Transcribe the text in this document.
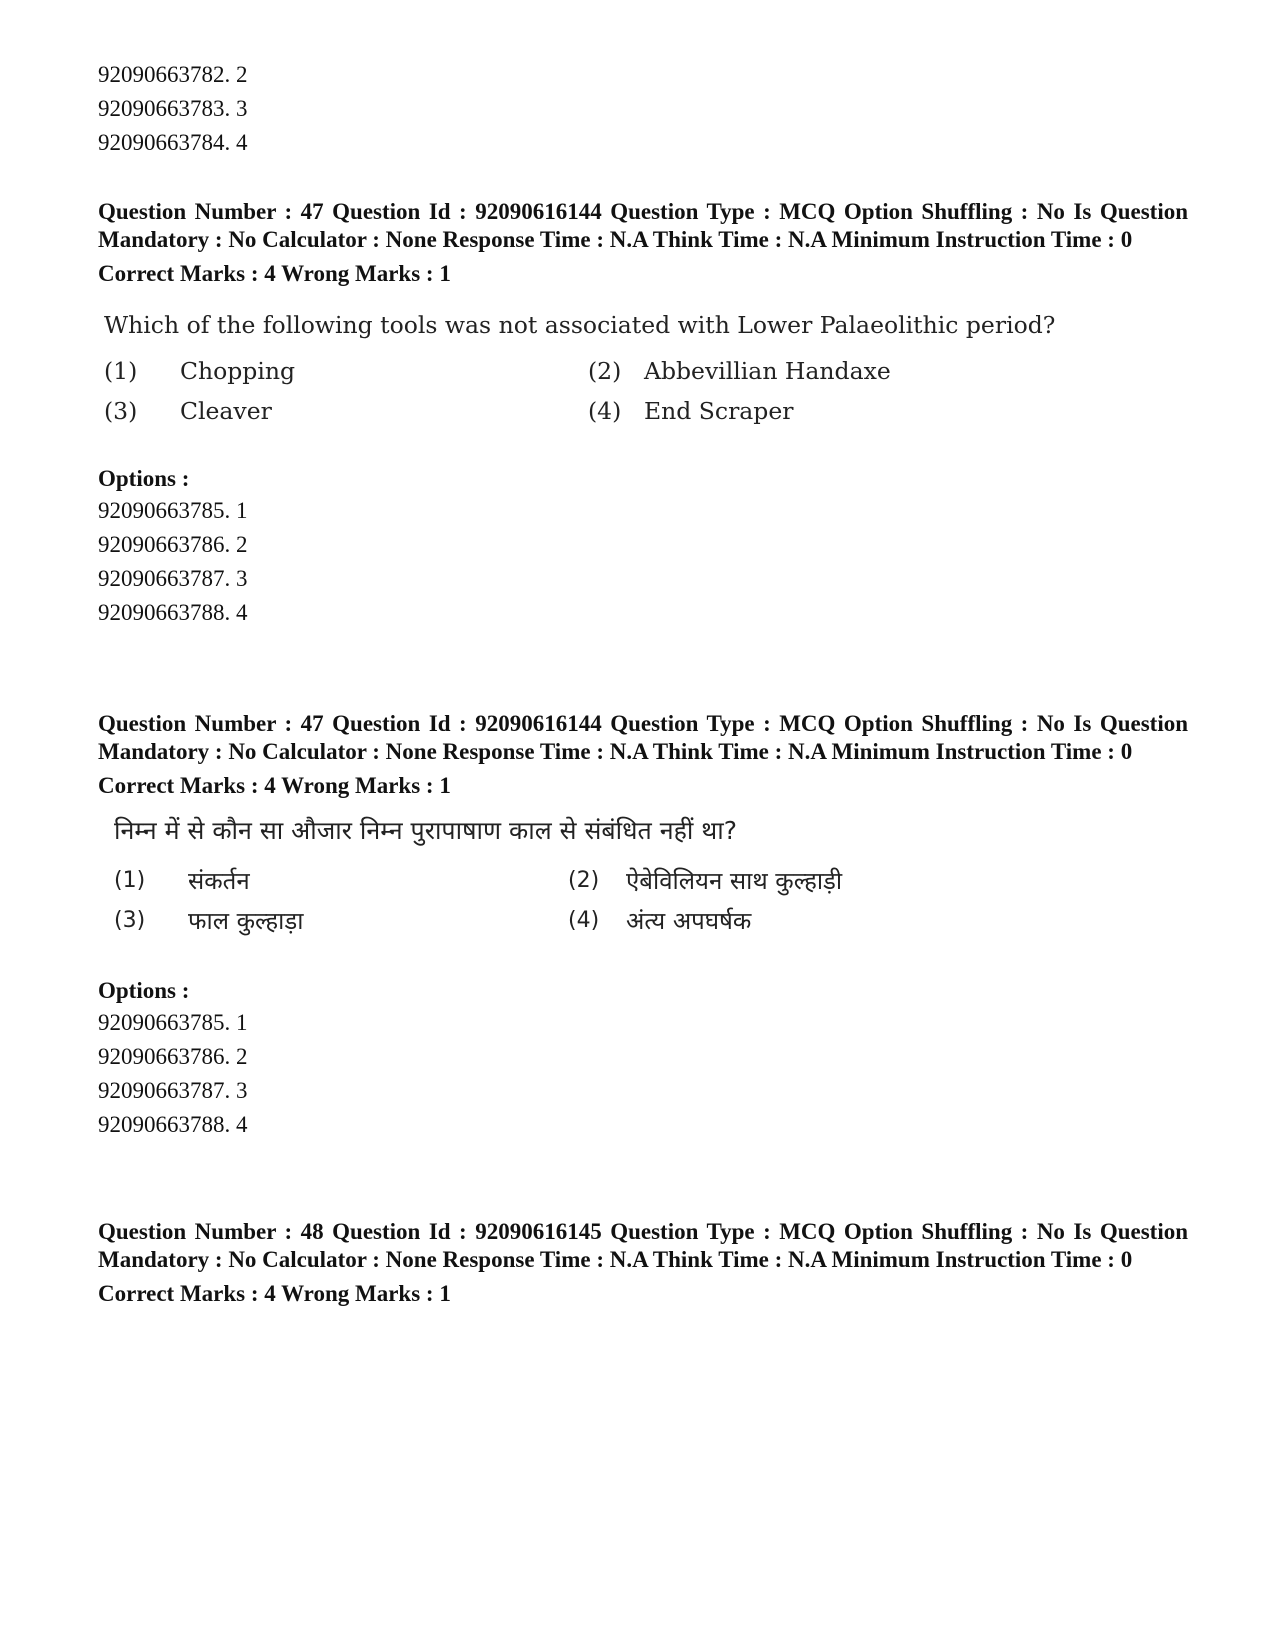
92090663782. 2
92090663783. 3
92090663784. 4
Question Number : 47 Question Id : 92090616144 Question Type : MCQ Option Shuffling : No Is Question Mandatory : No Calculator : None Response Time : N.A Think Time : N.A Minimum Instruction Time : 0
Correct Marks : 4 Wrong Marks : 1
Which of the following tools was not associated with Lower Palaeolithic period?
(1)	Chopping	(2) Abbevillian Handaxe
(3)	Cleaver	(4) End Scraper
Options :
92090663785. 1
92090663786. 2
92090663787. 3
92090663788. 4
Question Number : 47 Question Id : 92090616144 Question Type : MCQ Option Shuffling : No Is Question Mandatory : No Calculator : None Response Time : N.A Think Time : N.A Minimum Instruction Time : 0
Correct Marks : 4 Wrong Marks : 1
निम्न में से कौन सा औजार निम्न पुरापाषाण काल से संबंधित नहीं था?
(1)	संकर्तन	(2)	ऐबेविलियन साथ कुल्हाड़ी
(3)	फाल कुल्हाड़ा	(4)	अंत्य अपघर्षक
Options :
92090663785. 1
92090663786. 2
92090663787. 3
92090663788. 4
Question Number : 48 Question Id : 92090616145 Question Type : MCQ Option Shuffling : No Is Question Mandatory : No Calculator : None Response Time : N.A Think Time : N.A Minimum Instruction Time : 0
Correct Marks : 4 Wrong Marks : 1
